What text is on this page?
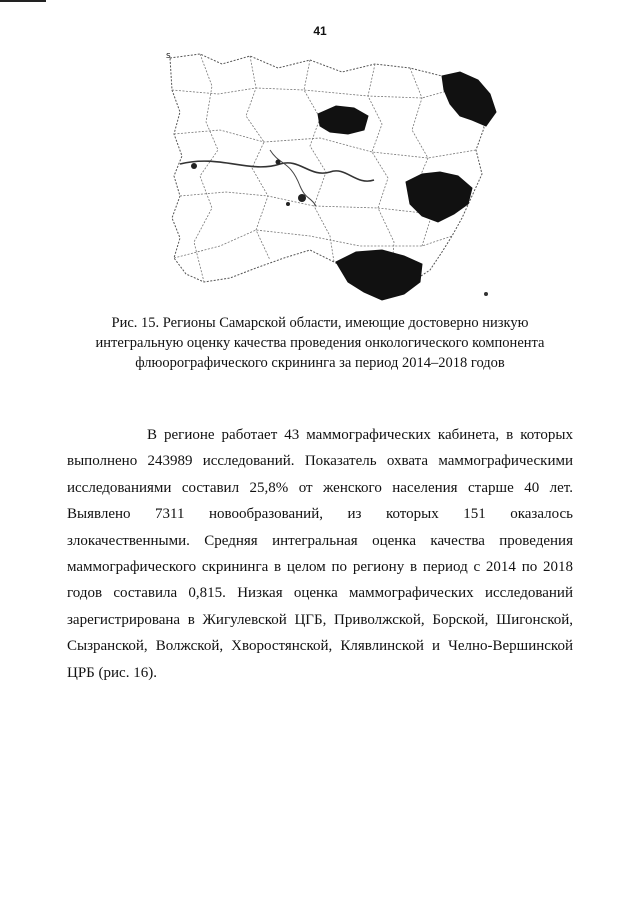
41
s
Рис. 15. Регионы Самарской области, имеющие достоверно низкую
интегральную оценку качества проведения онкологического компонента
флюорографического скрининга за период 2014–2018 годов
В регионе работает 43 маммографических кабинета, в которых
выполнено 243989 исследований. Показатель охвата маммографическими
исследованиями составил 25,8% от женского населения старше 40 лет.
Выявлено 7311 новообразований, из которых 151 оказалось
злокачественными. Средняя интегральная оценка качества проведения
маммографического скрининга в целом по региону в период с 2014 по 2018
годов составила 0,815. Низкая оценка маммографических исследований
зарегистрирована в Жигулевской ЦГБ, Приволжской, Борской, Шигонской,
Сызранской, Волжской, Хворостянской, Клявлинской и Челно-Вершинской
ЦРБ (рис. 16).
